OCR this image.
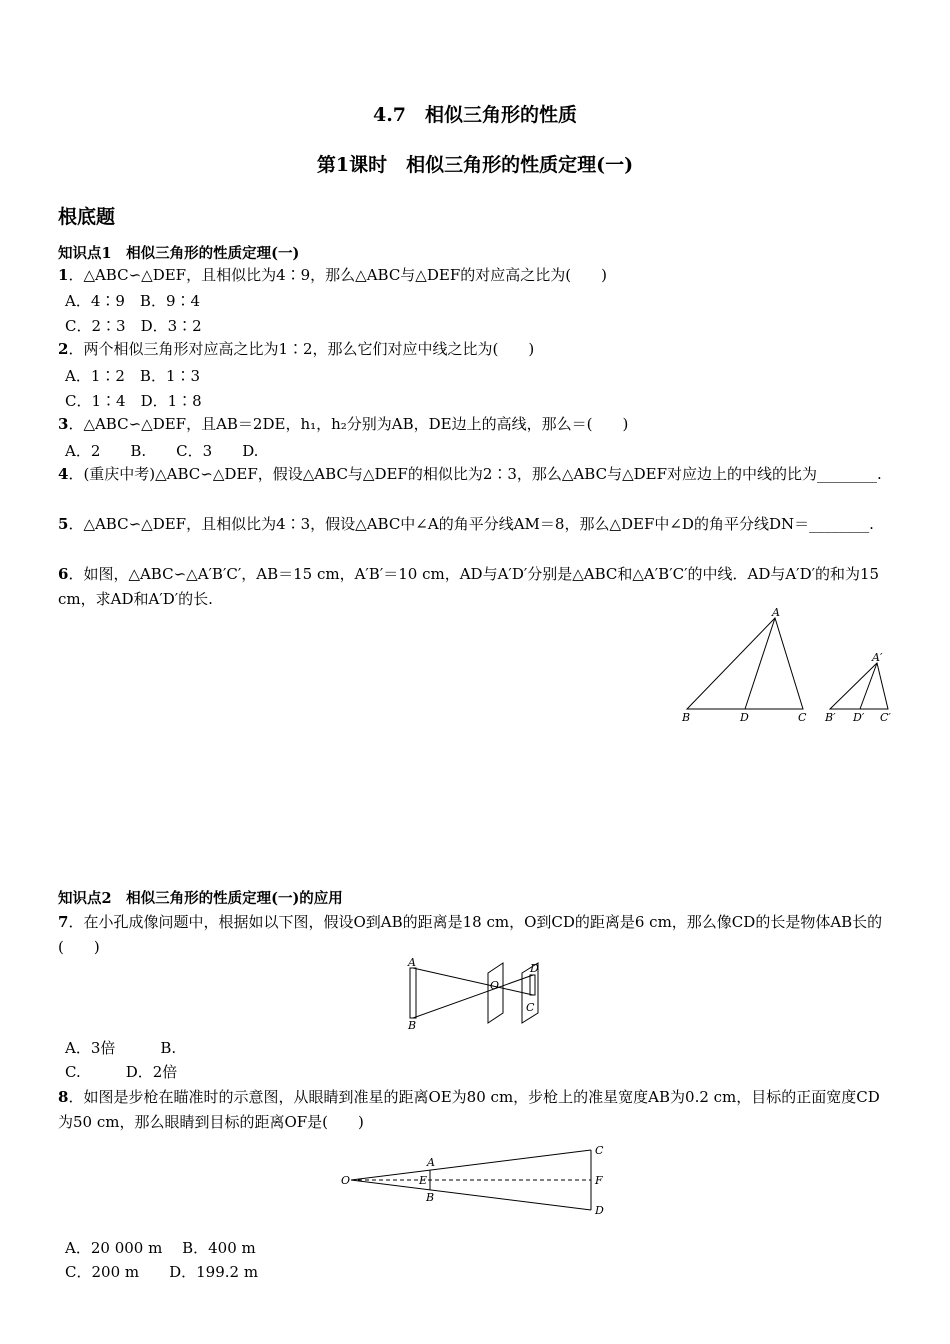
4.7　相似三角形的性质
第1课时　相似三角形的性质定理(一)
根底题
知识点1　相似三角形的性质定理(一)
1．△ABC∽△DEF，且相似比为4∶9，那么△ABC与△DEF的对应高之比为(　　)
A．4∶9　B．9∶4
C．2∶3　D．3∶2
2．两个相似三角形对应高之比为1∶2，那么它们对应中线之比为(　　)
A．1∶2　B．1∶3
C．1∶4　D．1∶8
3．△ABC∽△DEF，且AB＝2DE，h₁，h₂分别为AB，DE边上的高线，那么＝(　　)
A．2　　B.　　C．3　　D.
4．(重庆中考)△ABC∽△DEF，假设△ABC与△DEF的相似比为2∶3，那么△ABC与△DEF对应边上的中线的比为________.
5．△ABC∽△DEF，且相似比为4∶3，假设△ABC中∠A的角平分线AM＝8，那么△DEF中∠D的角平分线DN＝________.
6．如图，△ABC∽△A′B′C′，AB＝15 cm，A′B′＝10 cm，AD与A′D′分别是△ABC和△A′B′C′的中线．AD与A′D′的和为15 cm，求AD和A′D′的长.
A
B	D	C
A′
B′ D′ C′
知识点2　相似三角形的性质定理(一)的应用
7．在小孔成像问题中，根据如以下图，假设O到AB的距离是18 cm，O到CD的距离是6 cm，那么像CD的长是物体AB长的(　　)
A
B
O
D
C
A．3倍　　　B.
C.　　　D．2倍
8．如图是步枪在瞄准时的示意图，从眼睛到准星的距离OE为80 cm，步枪上的准星宽度AB为0.2 cm，目标的正面宽度CD为50 cm，那么眼睛到目标的距离OF是(　　)
O
A
E
B
C
F
D
A．20 000 m　 B．400 m
C．200 m　　D．199.2 m
